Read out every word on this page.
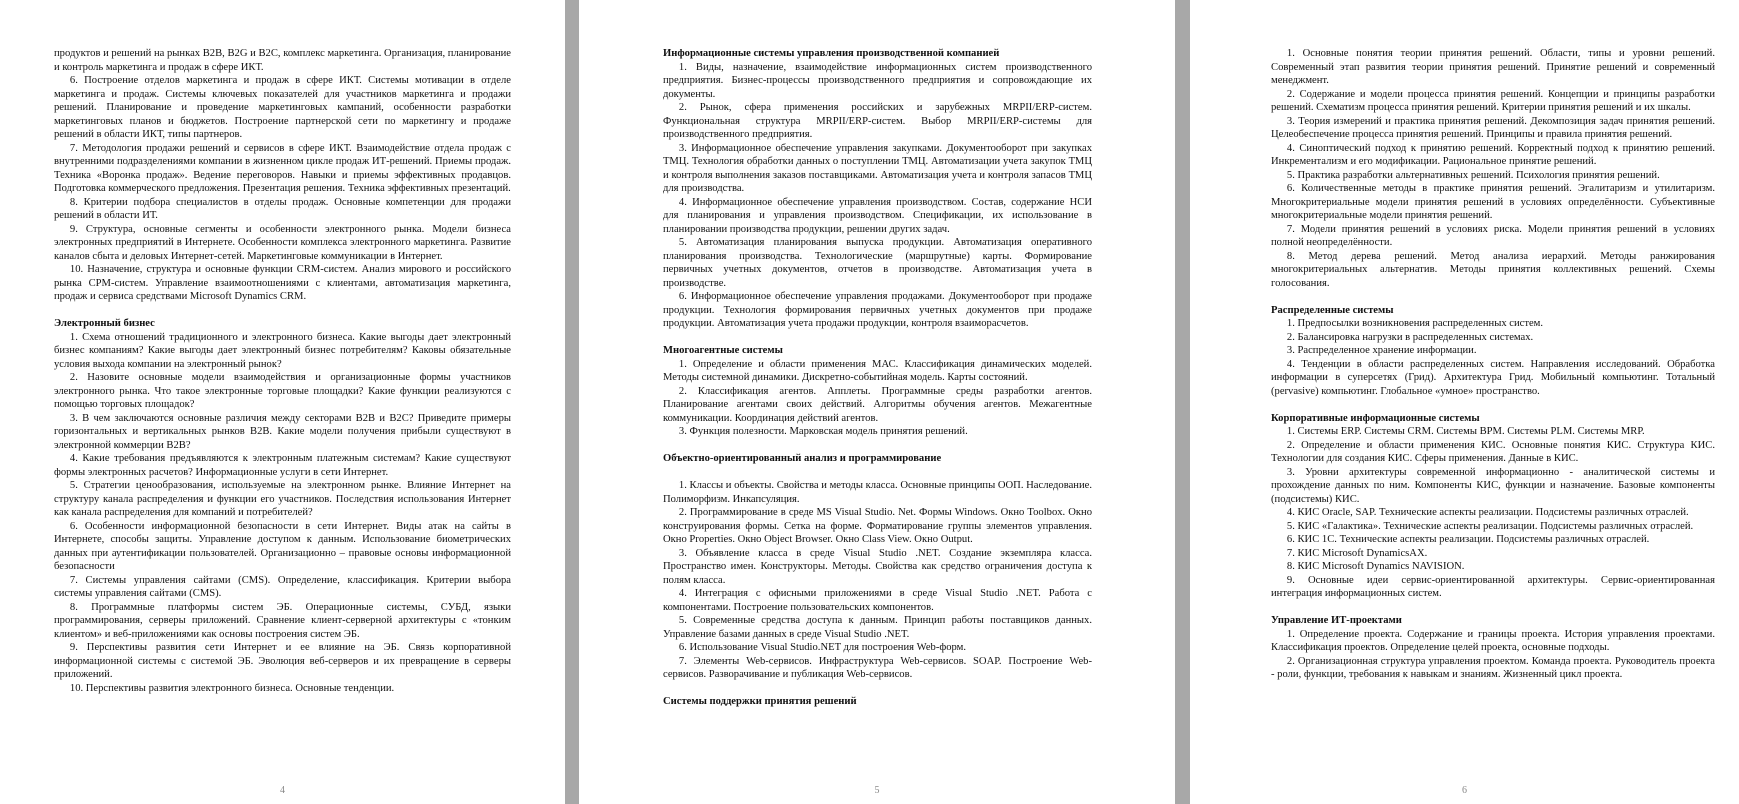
продуктов и решений на рынках B2B, B2G и B2C, комплекс маркетинга. Организация, планирование и контроль маркетинга и продаж в сфере ИКТ.
6. Построение отделов маркетинга и продаж в сфере ИКТ. Системы мотивации в отделе маркетинга и продаж. Системы ключевых показателей для участников маркетинга и продажи решений. Планирование и проведение маркетинговых кампаний, особенности разработки маркетинговых планов и бюджетов. Построение партнерской сети по маркетингу и продаже решений в области ИКТ, типы партнеров.
7. Методология продажи решений и сервисов в сфере ИКТ. Взаимодействие отдела продаж с внутренними подразделениями компании в жизненном цикле продаж ИТ-решений. Приемы продаж. Техника «Воронка продаж». Ведение переговоров. Навыки и приемы эффективных продавцов. Подготовка коммерческого предложения. Презентация решения. Техника эффективных презентаций.
8. Критерии подбора специалистов в отделы продаж. Основные компетенции для продажи решений в области ИТ.
9. Структура, основные сегменты и особенности электронного рынка. Модели бизнеса электронных предприятий в Интернете. Особенности комплекса электронного маркетинга. Развитие каналов сбыта и деловых Интернет-сетей. Маркетинговые коммуникации в Интернет.
10. Назначение, структура и основные функции CRM-систем. Анализ мирового и российского рынка CPM-систем. Управление взаимоотношениями с клиентами, автоматизация маркетинга, продаж и сервиса средствами Microsoft Dynamics CRM.
Электронный бизнес
1. Схема отношений традиционного и электронного бизнеса. Какие выгоды дает электронный бизнес компаниям? Какие выгоды дает электронный бизнес потребителям? Каковы обязательные условия выхода компании на электронный рынок?
2. Назовите основные модели взаимодействия и организационные формы участников электронного рынка. Что такое электронные торговые площадки? Какие функции реализуются с помощью торговых площадок?
3. В чем заключаются основные различия между секторами B2B и B2C? Приведите примеры горизонтальных и вертикальных рынков B2B. Какие модели получения прибыли существуют в электронной коммерции B2B?
4. Какие требования предъявляются к электронным платежным системам? Какие существуют формы электронных расчетов? Информационные услуги в сети Интернет.
5. Стратегии ценообразования, используемые на электронном рынке. Влияние Интернет на структуру канала распределения и функции его участников. Последствия использования Интернет как канала распределения для компаний и потребителей?
6. Особенности информационной безопасности в сети Интернет. Виды атак на сайты в Интернете, способы защиты. Управление доступом к данным. Использование биометрических данных при аутентификации пользователей. Организационно – правовые основы информационной безопасности
7. Системы управления сайтами (CMS). Определение, классификация. Критерии выбора системы управления сайтами (CMS).
8. Программные платформы систем ЭБ. Операционные системы, СУБД, языки программирования, серверы приложений. Сравнение клиент-серверной архитектуры с «тонким клиентом» и веб-приложениями как основы построения систем ЭБ.
9. Перспективы развития сети Интернет и ее влияние на ЭБ. Связь корпоративной информационной системы с системой ЭБ. Эволюция веб-серверов и их превращение в серверы приложений.
10. Перспективы развития электронного бизнеса. Основные тенденции.
4
Информационные системы управления производственной компанией
1. Виды, назначение, взаимодействие информационных систем производственного предприятия. Бизнес-процессы производственного предприятия и сопровождающие их документы.
2. Рынок, сфера применения российских и зарубежных MRPII/ERP-систем. Функциональная структура MRPII/ERP-систем. Выбор MRPII/ERP-системы для производственного предприятия.
3. Информационное обеспечение управления закупками. Документооборот при закупках ТМЦ. Технология обработки данных о поступлении ТМЦ. Автоматизации учета закупок ТМЦ и контроля выполнения заказов поставщиками. Автоматизация учета и контроля запасов ТМЦ для производства.
4. Информационное обеспечение управления производством. Состав, содержание НСИ для планирования и управления производством. Спецификации, их использование в планировании производства продукции, решении других задач.
5. Автоматизация планирования выпуска продукции. Автоматизация оперативного планирования производства. Технологические (маршрутные) карты. Формирование первичных учетных документов, отчетов в производстве. Автоматизация учета в производстве.
6. Информационное обеспечение управления продажами. Документооборот при продаже продукции. Технология формирования первичных учетных документов при продаже продукции. Автоматизация учета продажи продукции, контроля взаиморасчетов.
Многоагентные системы
1. Определение и области применения МАС. Классификация динамических моделей. Методы системной динамики. Дискретно-событийная модель. Карты состояний.
2. Классификация агентов. Апплеты. Программные среды разработки агентов. Планирование агентами своих действий. Алгоритмы обучения агентов. Межагентные коммуникации. Координация действий агентов.
3. Функция полезности. Марковская модель принятия решений.
Объектно-ориентированный анализ и программирование
1. Классы и объекты. Свойства и методы класса. Основные принципы ООП. Наследование. Полиморфизм. Инкапсуляция.
2. Программирование в среде MS Visual Studio. Net. Формы Windows. Окно Toolbox. Окно конструирования формы. Сетка на форме. Форматирование группы элементов управления. Окно Properties. Окно Object Browser. Окно Class View. Окно Output.
3. Объявление класса в среде Visual Studio .NET. Создание экземпляра класса. Пространство имен. Конструкторы. Методы. Свойства как средство ограничения доступа к полям класса.
4. Интеграция с офисными приложениями в среде Visual Studio .NET. Работа с компонентами. Построение пользовательских компонентов.
5. Современные средства доступа к данным. Принцип работы поставщиков данных. Управление базами данных в среде Visual Studio .NET.
6. Использование Visual Studio.NET для построения Web-форм.
7. Элементы Web-сервисов. Инфраструктура Web-сервисов. SOAP. Построение Web-сервисов. Разворачивание и публикация Web-сервисов.
Системы поддержки принятия решений
5
1. Основные понятия теории принятия решений. Области, типы и уровни решений. Современный этап развития теории принятия решений. Принятие решений и современный менеджмент.
2. Содержание и модели процесса принятия решений. Концепции и принципы разработки решений. Схематизм процесса принятия решений. Критерии принятия решений и их шкалы.
3. Теория измерений и практика принятия решений. Декомпозиция задач принятия решений. Целеобеспечение процесса принятия решений. Принципы и правила принятия решений.
4. Синоптический подход к принятию решений. Корректный подход к принятию решений. Инкрементализм и его модификации. Рациональное принятие решений.
5. Практика разработки альтернативных решений. Психология принятия решений.
6. Количественные методы в практике принятия решений. Эгалитаризм и утилитаризм. Многокритериальные модели принятия решений в условиях определённости. Субъективные многокритериальные модели принятия решений.
7. Модели принятия решений в условиях риска. Модели принятия решений в условиях полной неопределённости.
8. Метод дерева решений. Метод анализа иерархий. Методы ранжирования многокритериальных альтернатив. Методы принятия коллективных решений. Схемы голосования.
Распределенные системы
1. Предпосылки возникновения распределенных систем.
2. Балансировка нагрузки в распределенных системах.
3. Распределенное хранение информации.
4. Тенденции в области распределенных систем. Направления исследований. Обработка информации в суперсетях (Грид). Архитектура Грид. Мобильный компьютинг. Тотальный (pervasive) компьютинг. Глобальное «умное» пространство.
Корпоративные информационные системы
1. Системы ERP. Системы CRM. Системы BPM. Системы PLM. Системы MRP.
2. Определение и области применения КИС. Основные понятия КИС. Структура КИС. Технологии для создания КИС. Сферы применения. Данные в КИС.
3. Уровни архитектуры современной информационно - аналитической системы и прохождение данных по ним. Компоненты КИС, функции и назначение. Базовые компоненты (подсистемы) КИС.
4. КИС Oracle, SAP. Технические аспекты реализации. Подсистемы различных отраслей.
5. КИС «Галактика». Технические аспекты реализации. Подсистемы различных отраслей.
6. КИС 1С. Технические аспекты реализации. Подсистемы различных отраслей.
7. КИС Microsoft DynamicsAX.
8. КИС Microsoft Dynamics NAVISION.
9. Основные идеи сервис-ориентированной архитектуры. Сервис-ориентированная интеграция информационных систем.
Управление ИТ-проектами
1. Определение проекта. Содержание и границы проекта. История управления проектами. Классификация проектов. Определение целей проекта, основные подходы.
2. Организационная структура управления проектом. Команда проекта. Руководитель проекта - роли, функции, требования к навыкам и знаниям. Жизненный цикл проекта.
6
